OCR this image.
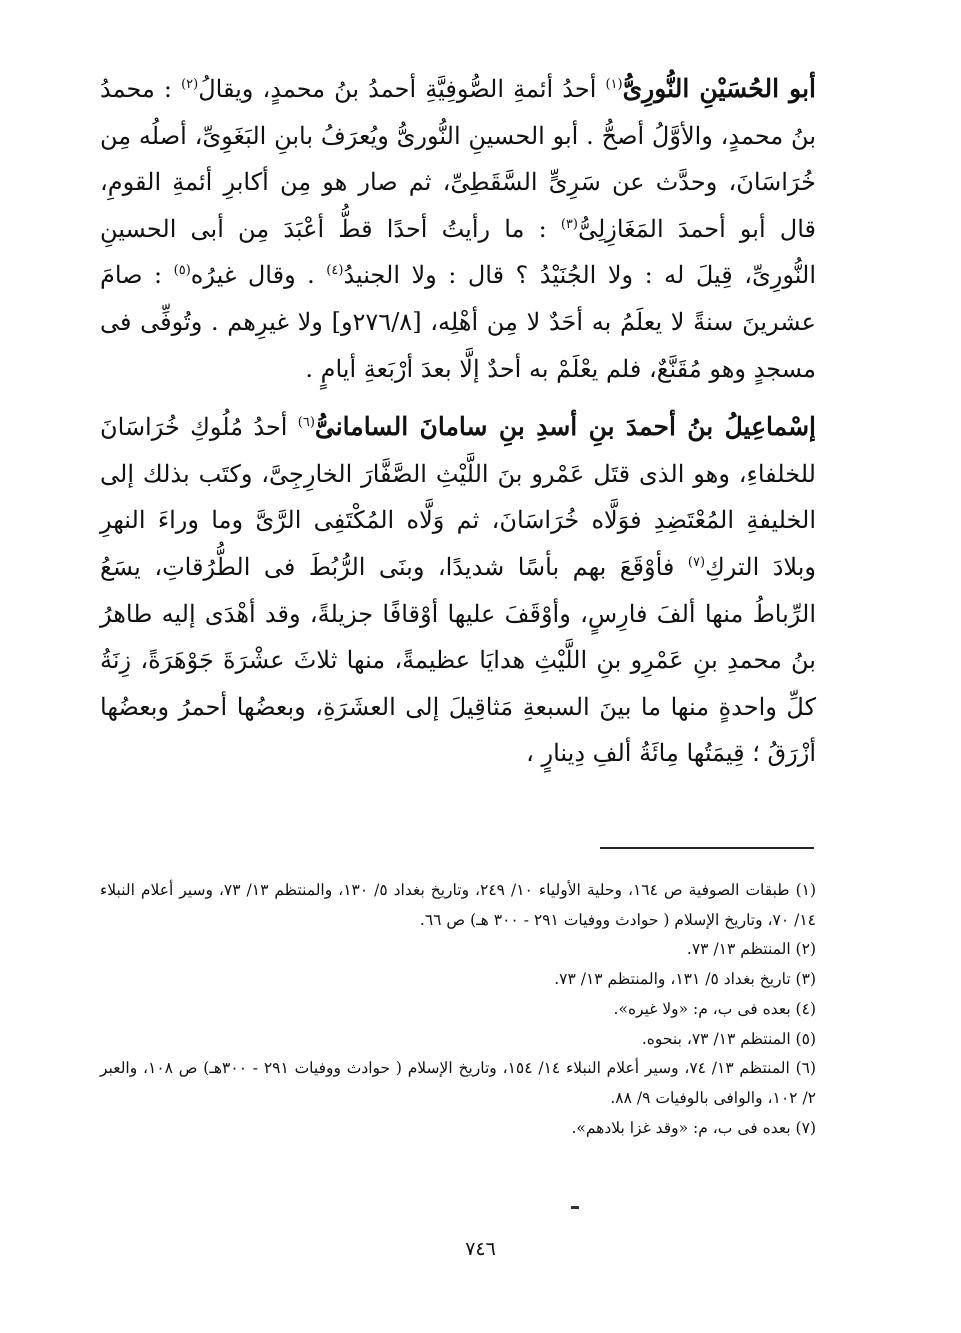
أبو الحُسَيْنِ النُّورِىُّ$^{(١)}$ أحدُ أئمةِ الصُّوفِيَّةِ أحمدُ بنُ محمدٍ، ويقالُ$^{(٢)}$ : محمدُ بنُ محمدٍ، والأوَّلُ أصحُّ . أبو الحسينِ النُّورىُّ ويُعرَفُ بابنِ البَغَوِىِّ، أصلُه مِن خُرَاسَانَ، وحدَّث عن سَرِىٍّ السَّقَطِىِّ، ثم صار هو مِن أكابرِ أئمةِ القومِ، قال أبو أحمدَ المَغَازِلِىُّ$^{(٣)}$ : ما رأيتُ أحدًا قطُّ أعْبَدَ مِن أبى الحسينِ النُّورِىِّ، قِيلَ له : ولا الجُنَيْدُ ؟ قال : ولا الجنيدُ$^{(٤)}$ . وقال غيرُه$^{(٥)}$ : صامَ عشرينَ سنةً لا يعلَمُ به أحَدٌ لا مِن أهْلِه، [٢٧٦/٨و] ولا غيرِهم . وتُوفِّى فى مسجدٍ وهو مُقَنَّعٌ، فلم يعْلَمْ به أحدٌ إلَّا بعدَ أرْبَعةِ أيامٍ .

إسْماعِيلُ بنُ أحمدَ بنِ أسدِ بنِ سامانَ السامانىُّ$^{(٦)}$ أحدُ مُلُوكِ خُرَاسَانَ للخلفاءِ، وهو الذى قتَل عَمْرو بنَ اللَّيْثِ الصَّفَّارَ الخارِجِىَّ، وكتَب بذلك إلى الخليفةِ المُعْتَضِدِ فوَلَّاه خُرَاسَانَ، ثم وَلَّاه المُكْتَفِى الرَّىَّ وما وراءَ النهرِ وبلادَ التركِ$^{(٧)}$ فأوْقَعَ بهم بأسًا شديدًا، وبنَى الرُّبُطَ فى الطُّرُقاتِ، يسَعُ الرِّباطُ منها ألفَ فارِسٍ، وأوْقَفَ عليها أوْقافًا جزيلةً، وقد أهْدَى إليه طاهرُ بنُ محمدِ بنِ عَمْرِو بنِ اللَّيْثِ هدايَا عظيمةً، منها ثلاثَ عشْرَةَ جَوْهَرَةً، زِنَةُ كلِّ واحدةٍ منها ما بينَ السبعةِ مَثاقِيلَ إلى العشَرَةِ، وبعضُها أحمرُ وبعضُها أزْرَقُ ؛ قِيمَتُها مِائَةُ ألفِ دِينارٍ ،

(١) طبقات الصوفية ص ١٦٤، وحلية الأولياء ١٠/ ٢٤٩، وتاريخ بغداد ٥/ ١٣٠، والمنتظم ١٣/ ٧٣، وسير أعلام النبلاء ١٤/ ٧٠، وتاريخ الإسلام ( حوادث ووفيات ٢٩١ - ٣٠٠ هـ) ص ٦٦.

(٢) المنتظم ١٣/ ٧٣.

(٣) تاريخ بغداد ٥/ ١٣١، والمنتظم ١٣/ ٧٣.

(٤) بعده فى ب، م: «ولا غيره».

(٥) المنتظم ١٣/ ٧٣، بنحوه.

(٦) المنتظم ١٣/ ٧٤، وسير أعلام النبلاء ١٤/ ١٥٤، وتاريخ الإسلام ( حوادث ووفيات ٢٩١ - ٣٠٠هـ) ص ١٠٨، والعبر ٢/ ١٠٢، والوافى بالوفيات ٩/ ٨٨.

(٧) بعده فى ب، م: «وقد غزا بلادهم».

٧٤٦
